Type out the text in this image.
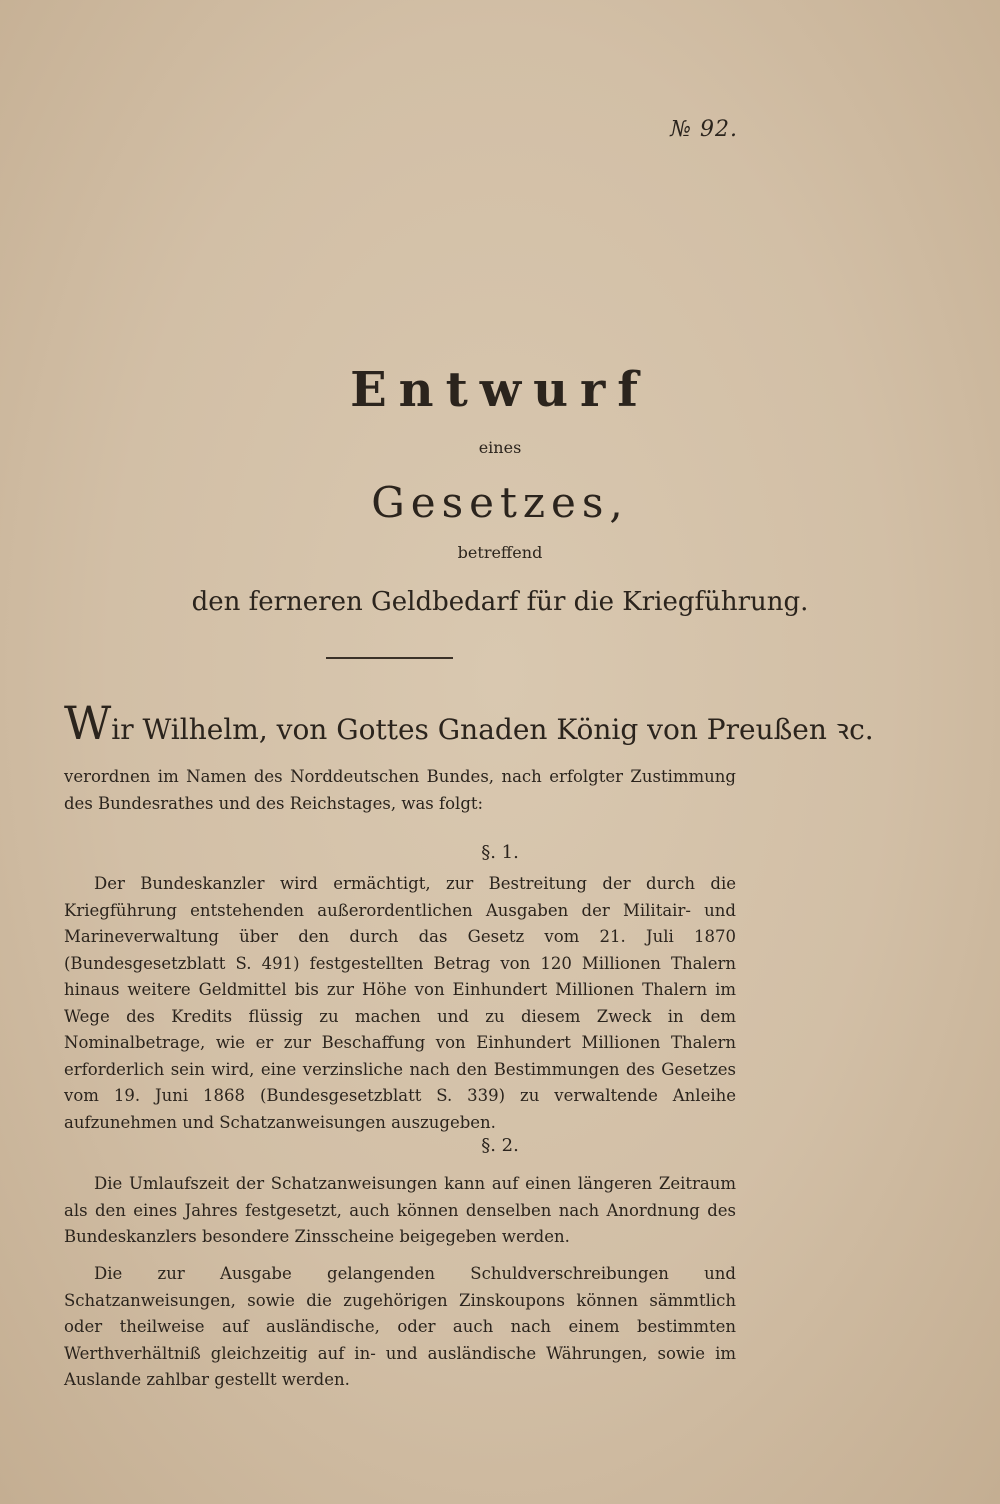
№ 92.
Entwurf
eines
Gesetzes,
betreffend
den ferneren Geldbedarf für die Kriegführung.
Wir Wilhelm, von Gottes Gnaden König von Preußen ꝛc.
verordnen im Namen des Norddeutschen Bundes, nach erfolgter Zustimmung des Bundesrathes und des Reichstages, was folgt:
§. 1.
Der Bundeskanzler wird ermächtigt, zur Bestreitung der durch die Kriegführung entstehenden außerordentlichen Ausgaben der Militair- und Marineverwaltung über den durch das Gesetz vom 21. Juli 1870 (Bundesgesetzblatt S. 491) festgestellten Betrag von 120 Millionen Thalern hinaus weitere Geldmittel bis zur Höhe von Einhundert Millionen Thalern im Wege des Kredits flüssig zu machen und zu diesem Zweck in dem Nominalbetrage, wie er zur Beschaffung von Einhundert Millionen Thalern erforderlich sein wird, eine verzinsliche nach den Bestimmungen des Gesetzes vom 19. Juni 1868 (Bundesgesetzblatt S. 339) zu verwaltende Anleihe aufzunehmen und Schatzanweisungen auszugeben.
§. 2.
Die Umlaufszeit der Schatzanweisungen kann auf einen längeren Zeitraum als den eines Jahres festgesetzt, auch können denselben nach Anordnung des Bundeskanzlers besondere Zinsscheine beigegeben werden.
Die zur Ausgabe gelangenden Schuldverschreibungen und Schatzanweisungen, sowie die zugehörigen Zinskoupons können sämmtlich oder theilweise auf ausländische, oder auch nach einem bestimmten Werthverhältniß gleichzeitig auf in- und ausländische Währungen, sowie im Auslande zahlbar gestellt werden.
